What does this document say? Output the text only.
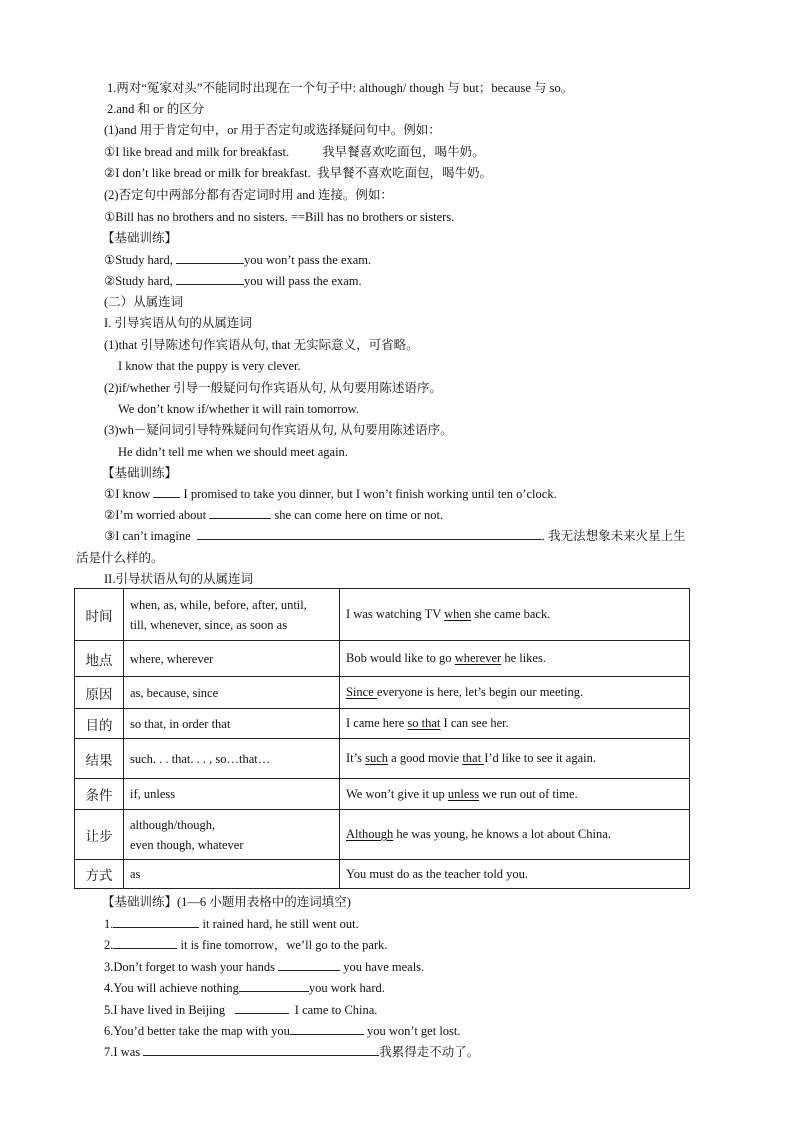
1.两对“冤家对头”不能同时出现在一个句子中: although/ though 与 but；because 与 so。
2.and 和 or 的区分
(1)and 用于肯定句中，or 用于否定句或选择疑问句中。例如：
①I like bread and milk for breakfast.	我早餐喜欢吃面包，喝牛奶。
②I don’t like bread or milk for breakfast. 我早餐不喜欢吃面包，喝牛奶。
(2)否定句中两部分都有否定词时用 and 连接。例如：
①Bill has no brothers and no sisters. ==Bill has no brothers or sisters.
【基础训练】
①Study hard,	you won’t pass the exam.
②Study hard,	you will pass the exam.
(二）从属连词
I. 引导宾语从句的从属连词
(1)that 引导陈述句作宾语从句, that 无实际意义，可省略。
I know that the puppy is very clever.
(2)if/whether 引导一般疑问句作宾语从句, 从句要用陈述语序。
We don’t know if/whether it will rain tomorrow.
(3)wh－疑问词引导特殊疑问句作宾语从句, 从句要用陈述语序。
He didn’t tell me when we should meet again.
【基础训练】
①I know	I promised to take you dinner, but I won’t finish working until ten o’clock.
②I’m worried about	she can come here on time or not.
③I can’t imagine	. 我无法想象未来火星上生
活是什么样的。
II.引导状语从句的从属连词
时间	when, as, while, before, after, until,
till, whenever, since, as soon as	I was watching TV when she came back.
地点	where, wherever	Bob would like to go wherever he likes.
原因	as, because, since	Since everyone is here, let’s begin our meeting.
目的	so that, in order that	I came here so that I can see her.
结果	such. . . that. . . , so…that…	It’s such a good movie that I’d like to see it again.
条件	if, unless	We won’t give it up unless we run out of time.
让步	although/though,
even though, whatever	Although he was young, he knows a lot about China.
方式	as	You must do as the teacher told you.
【基础训练】(1—6 小题用表格中的连词填空)
1.	it rained hard, he still went out.
2.	it is fine tomorrow，we’ll go to the park.
3.Don’t forget to wash your hands	you have meals.
4.You will achieve nothing	you work hard.
5.I have lived in Beijing	I came to China.
6.You’d better take the map with you	you won’t get lost.
7.I was	我累得走不动了。
